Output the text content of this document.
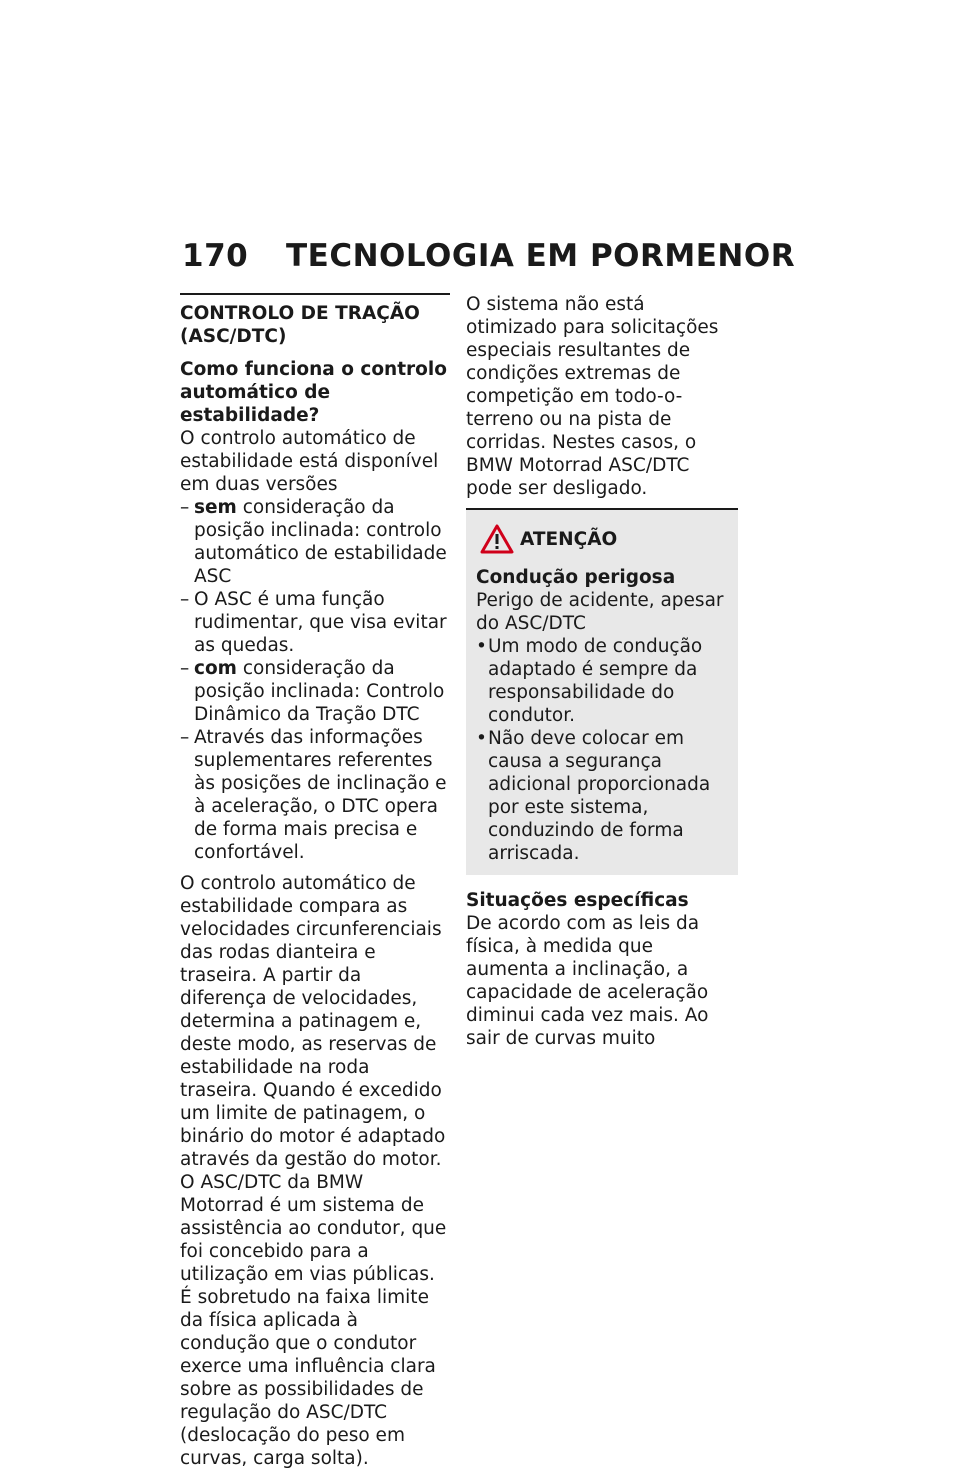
170 TECNOLOGIA EM PORMENOR
CONTROLO DE TRAÇÃO (ASC/DTC)

Como funciona o controlo automático de estabilidade?

O controlo automático de estabilidade está disponível em duas versões

– sem consideração da posição inclinada: controlo automático de estabilidade ASC
– O ASC é uma função rudimentar, que visa evitar as quedas.
– com consideração da posição inclinada: Controlo Dinâmico da Tração DTC
– Através das informações suplementares referentes às posições de inclinação e à aceleração, o DTC opera de forma mais precisa e confortável.

O controlo automático de estabilidade compara as velocidades circunferenciais das rodas dianteira e traseira. A partir da diferença de velocidades, determina a patinagem e, deste modo, as reservas de estabilidade na roda traseira. Quando é excedido um limite de patinagem, o binário do motor é adaptado através da gestão do motor.

O ASC/DTC da BMW Motorrad é um sistema de assistência ao condutor, que foi concebido para a utilização em vias públicas. É sobretudo na faixa limite da física aplicada à condução que o condutor exerce uma influência clara sobre as possibilidades de regulação do ASC/DTC (deslocação do peso em curvas, carga solta).

O sistema não está otimizado para solicitações especiais resultantes de condições extremas de competição em todo-o-terreno ou na pista de corridas. Nestes casos, o BMW Motorrad ASC/DTC pode ser desligado.

ATENÇÃO

Condução perigosa

Perigo de acidente, apesar do ASC/DTC

• Um modo de condução adaptado é sempre da responsabilidade do condutor.
• Não deve colocar em causa a segurança adicional proporcionada por este sistema, conduzindo de forma arriscada.

Situações específicas

De acordo com as leis da física, à medida que aumenta a inclinação, a capacidade de aceleração diminui cada vez mais. Ao sair de curvas muito
